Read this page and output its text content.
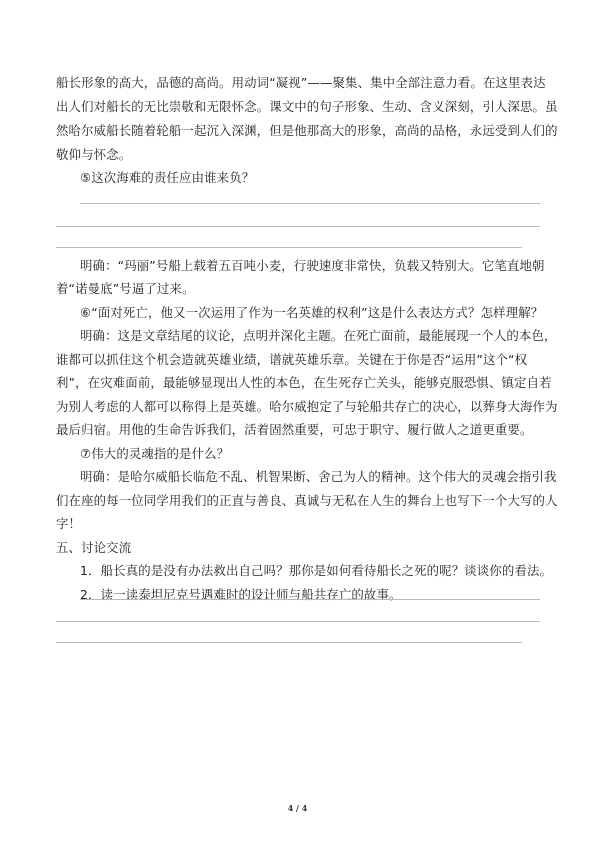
船长形象的高大，品德的高尚。用动词“凝视”——聚集、集中全部注意力看。在这里表达
出人们对船长的无比崇敬和无限怀念。课文中的句子形象、生动、含义深刻，引人深思。虽
然哈尔威船长随着轮船一起沉入深渊，但是他那高大的形象，高尚的品格，永远受到人们的
敬仰与怀念。
⑤这次海难的责任应由谁来负？
明确：“玛丽”号船上载着五百吨小麦，行驶速度非常快，负载又特别大。它笔直地朝
着“诺曼底”号逼了过来。
⑥“面对死亡，他又一次运用了作为一名英雄的权利”这是什么表达方式？怎样理解？
明确：这是文章结尾的议论，点明并深化主题。在死亡面前，最能展现一个人的本色，
谁都可以抓住这个机会造就英雄业绩，谱就英雄乐章。关键在于你是否“运用”这个“权
利”，在灾难面前，最能够显现出人性的本色，在生死存亡关头，能够克服恐惧、镇定自若
为别人考虑的人都可以称得上是英雄。哈尔威抱定了与轮船共存亡的决心，以葬身大海作为
最后归宿。用他的生命告诉我们，活着固然重要，可忠于职守、履行做人之道更重要。
⑦伟大的灵魂指的是什么？
明确：是哈尔威船长临危不乱、机智果断、舍己为人的精神。这个伟大的灵魂会指引我
们在座的每一位同学用我们的正直与善良、真诚与无私在人生的舞台上也写下一个大写的人
字！
五、讨论交流
1．船长真的是没有办法救出自己吗？那你是如何看待船长之死的呢？谈谈你的看法。
2．读一读泰坦尼克号遇难时的设计师与船共存亡的故事。
4 / 4
